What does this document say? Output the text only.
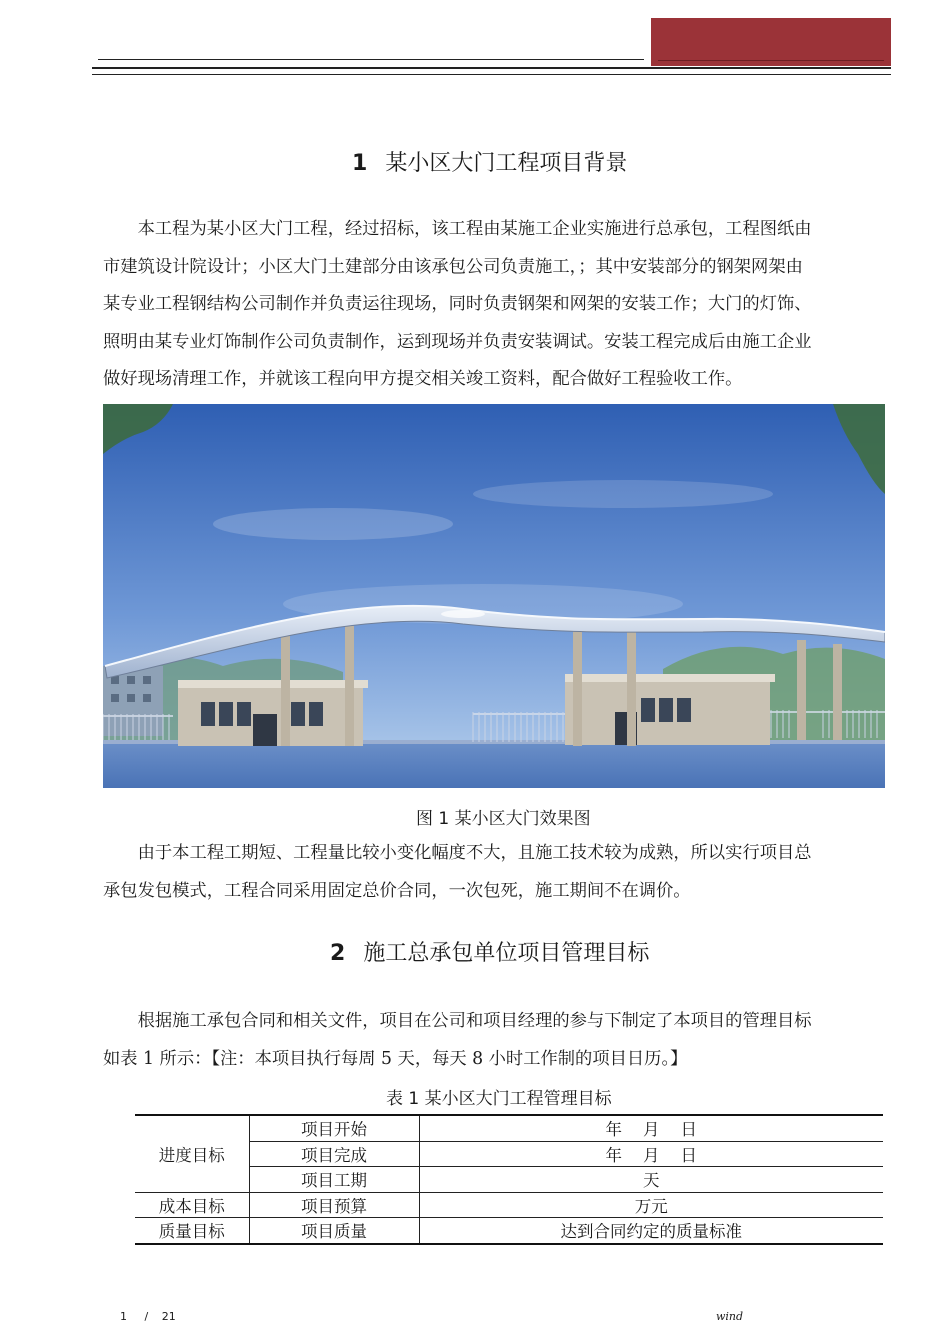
1 某小区大门工程项目背景
本工程为某小区大门工程，经过招标，该工程由某施工企业实施进行总承包，工程图纸由
市建筑设计院设计；小区大门土建部分由该承包公司负责施工，；其中安装部分的钢架网架由
某专业工程钢结构公司制作并负责运往现场，同时负责钢架和网架的安装工作；大门的灯饰、
照明由某专业灯饰制作公司负责制作，运到现场并负责安装调试。安装工程完成后由施工企业
做好现场清理工作，并就该工程向甲方提交相关竣工资料，配合做好工程验收工作。

图 1 某小区大门效果图

由于本工程工期短、工程量比较小变化幅度不大，且施工技术较为成熟，所以实行项目总
承包发包模式，工程合同采用固定总价合同，一次包死，施工期间不在调价。
2 施工总承包单位项目管理目标
根据施工承包合同和相关文件，项目在公司和项目经理的参与下制定了本项目的管理目标
如表 1 所示：【注：本项目执行每周 5 天，每天 8 小时工作制的项目日历。】

表 1 某小区大门工程管理目标

进度目标	项目开始	年    月    日
	项目完成	年    月    日
	项目工期	天
成本目标	项目预算	万元
质量目标	项目质量	达到合同约定的质量标准
1 / 21	wind
